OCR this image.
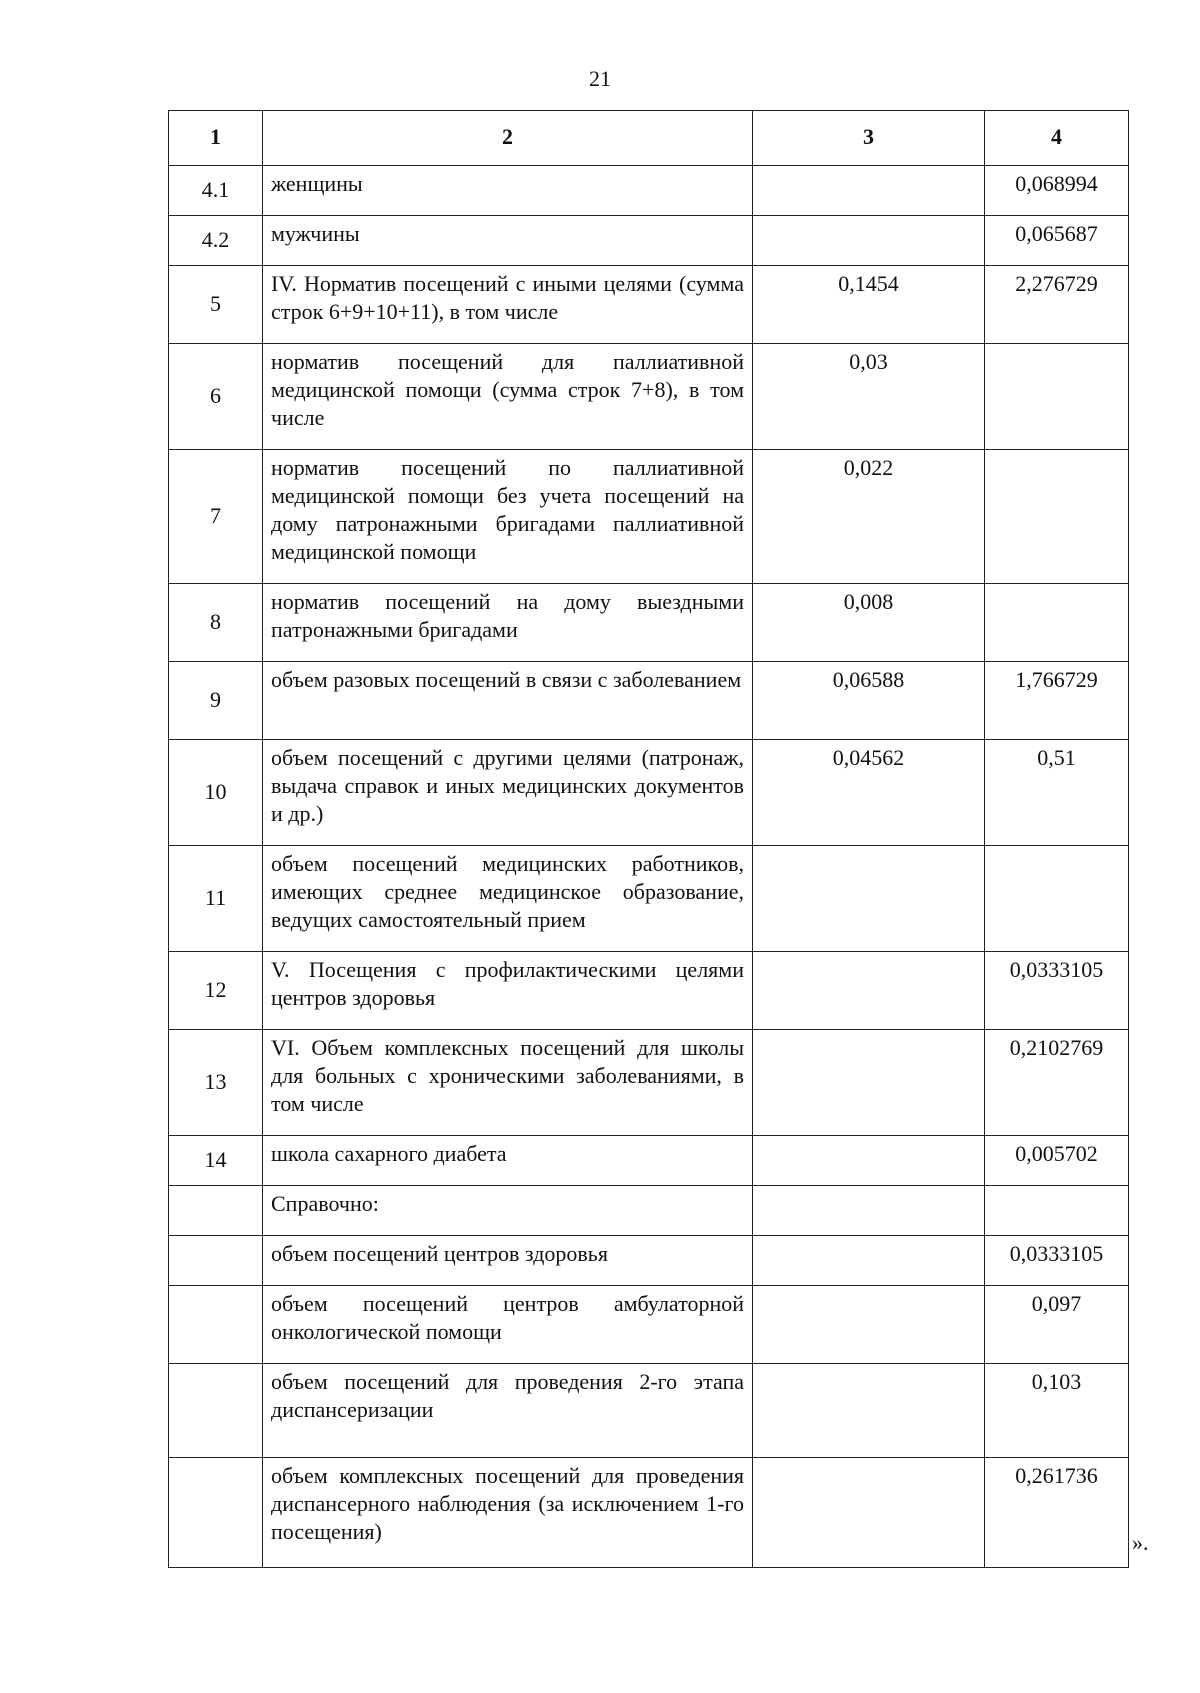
21
1	2	3	4
4.1	женщины		0,068994
4.2	мужчины		0,065687
5	IV. Норматив посещений с иными целями (сумма строк 6+9+10+11), в том числе	0,1454	2,276729
6	норматив посещений для паллиативной медицинской помощи (сумма строк 7+8), в том числе	0,03	
7	норматив посещений по паллиативной медицинской помощи без учета посещений на дому патронажными бригадами паллиативной медицинской помощи	0,022	
8	норматив посещений на дому выездными патронажными бригадами	0,008	
9	объем разовых посещений в связи с заболеванием	0,06588	1,766729
10	объем посещений с другими целями (патронаж, выдача справок и иных медицинских документов и др.)	0,04562	0,51
11	объем посещений медицинских работников, имеющих среднее медицинское образование, ведущих самостоятельный прием		
12	V. Посещения с профилактическими целями центров здоровья		0,0333105
13	VI. Объем комплексных посещений для школы для больных с хроническими заболеваниями, в том числе		0,2102769
14	школа сахарного диабета		0,005702
	Справочно:		
	объем посещений центров здоровья		0,0333105
	объем посещений центров амбулаторной онкологической помощи		0,097
	объем посещений для проведения 2-го этапа диспансеризации		0,103
	объем комплексных посещений для проведения диспансерного наблюдения (за исключением 1-го посещения)		0,261736
».
